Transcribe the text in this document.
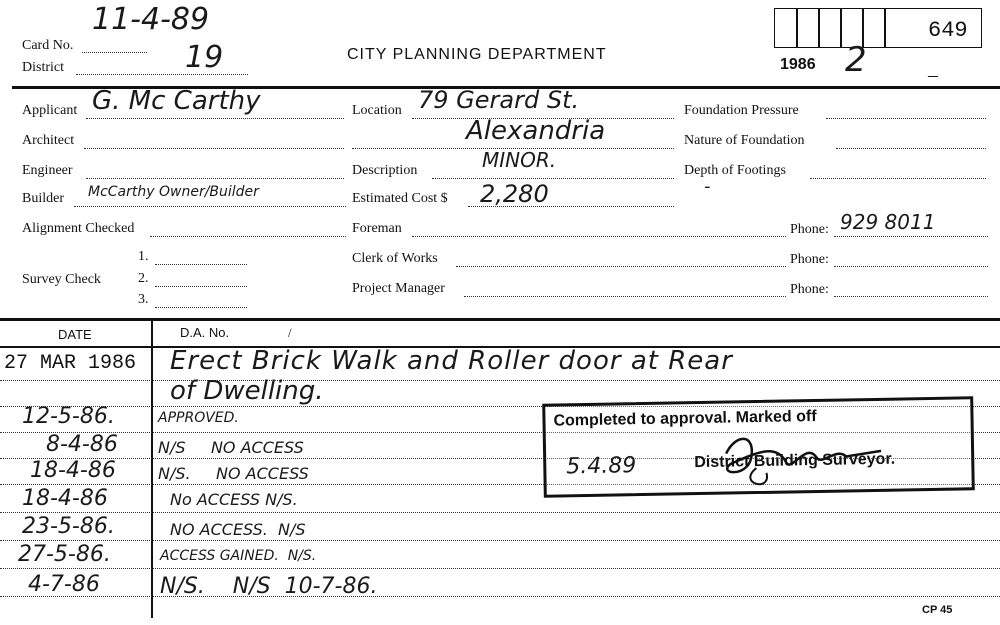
11-4-89
Card No.
District	19	CITY PLANNING DEPARTMENT
649
1986 2	–
Applicant G. Mc Carthy
Architect
Engineer
Builder McCarthy Owner/Builder
Alignment Checked
Survey Check
1.
2.
3.
Location 79 Gerard St.
Alexandria
Description	MINOR.
Estimated Cost $ 2,280
Foreman
Clerk of Works
Project Manager
Foundation Pressure
Nature of Foundation
Depth of Footings
-
Phone: 929 8011
Phone:
Phone:
DATE	D.A. No.	/
27 MAR 1986 Erect Brick Walk and Roller door at Rear
of Dwelling.
12-5-86.	APPROVED.
8-4-86	N/S     NO ACCESS
18-4-86	N/S.     NO ACCESS
18-4-86	No ACCESS N/S.
23-5-86.	NO ACCESS.  N/S
27-5-86.	ACCESS GAINED.  N/S.
4-7-86	N/S.    N/S  10-7-86.
Completed to approval. Marked off
District Building Surveyor.
5.4.89
CP 45
